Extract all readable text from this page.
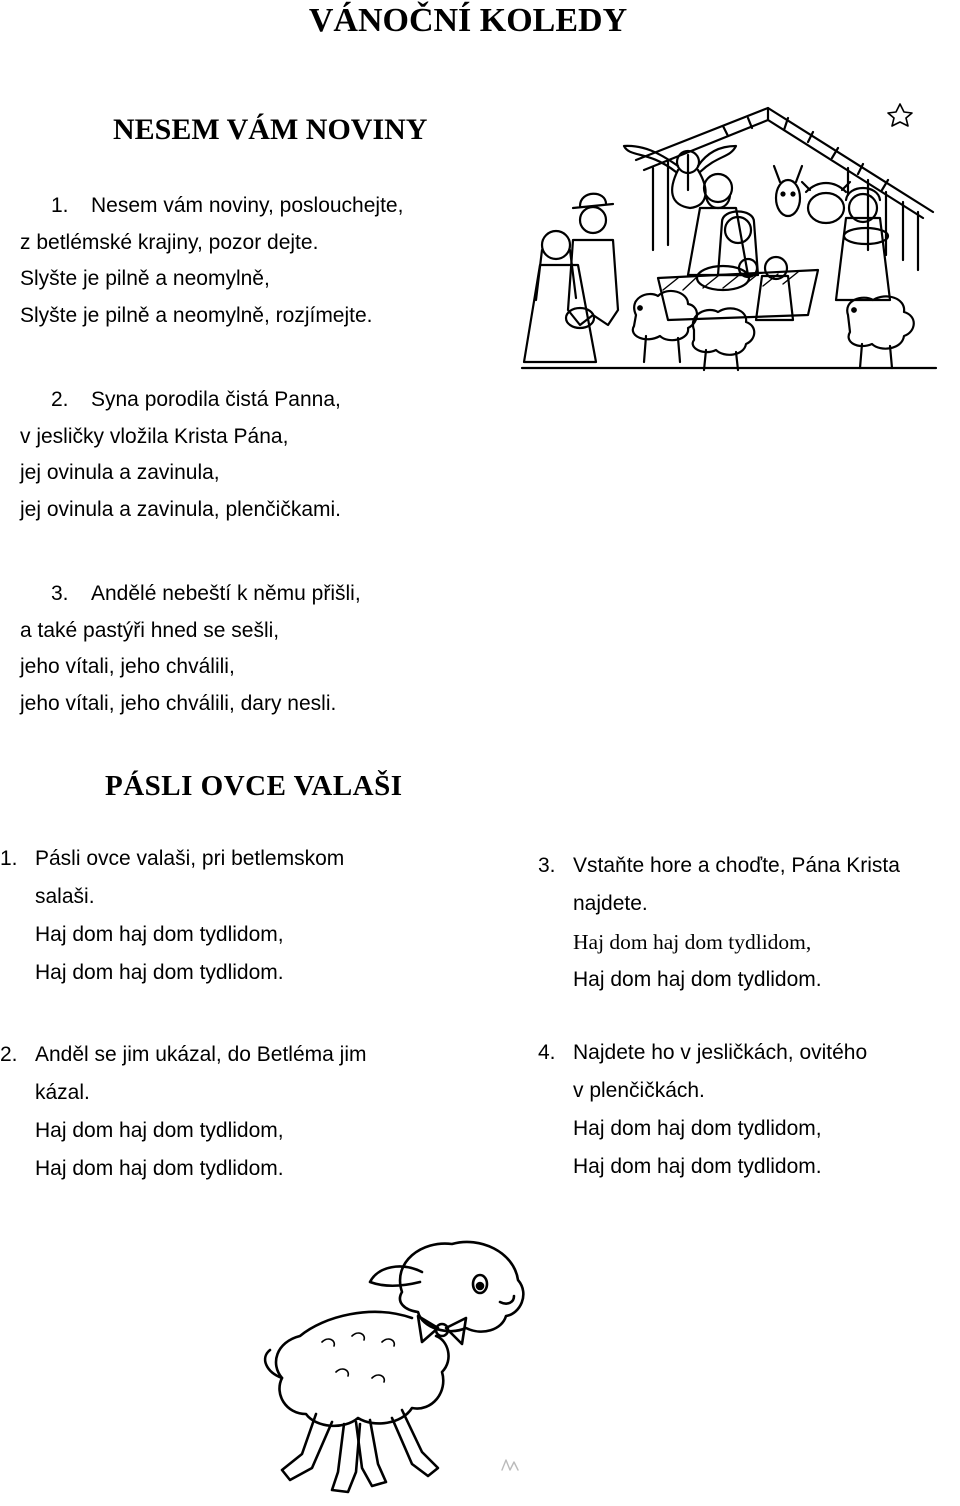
VÁNOČNÍ KOLEDY
NESEM VÁM NOVINY
1. Nesem vám noviny, poslouchejte,
z betlémské krajiny, pozor dejte.
Slyšte je pilně a neomylně,
Slyšte je pilně a neomylně, rozjímejte.
2. Syna porodila čistá Panna,
v jesličky vložila Krista Pána,
jej ovinula a zavinula,
jej ovinula a zavinula, plenčičkami.
3. Andělé nebeští k němu přišli,
a také pastýři hned se sešli,
jeho vítali, jeho chválili,
jeho vítali, jeho chválili, dary nesli.
PÁSLI OVCE VALAŠI
1. Pásli ovce valaši, pri betlemskom
salaši.
Haj dom haj dom tydlidom,
Haj dom haj dom tydlidom.
2. Anděl se jim ukázal, do Betléma jim
kázal.
Haj dom haj dom tydlidom,
Haj dom haj dom tydlidom.
3. Vstaňte hore a choďte, Pána Krista
najdete.
Haj dom haj dom tydlidom,
Haj dom haj dom tydlidom.
4. Najdete ho v jesličkách, ovitého
v plenčičkách.
Haj dom haj dom tydlidom,
Haj dom haj dom tydlidom.
